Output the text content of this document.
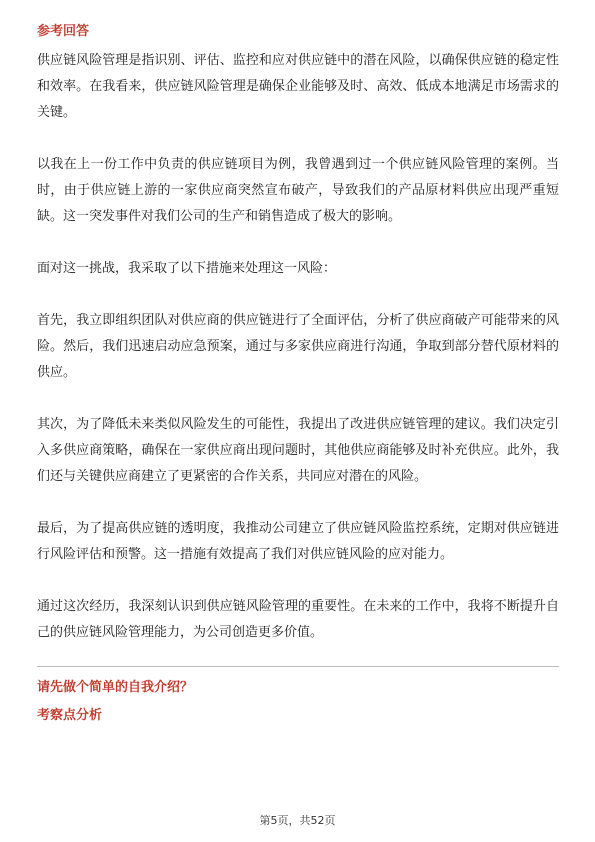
参考回答

供应链风险管理是指识别、评估、监控和应对供应链中的潜在风险，以确保供应链的稳定性和效率。在我看来，供应链风险管理是确保企业能够及时、高效、低成本地满足市场需求的关键。

以我在上一份工作中负责的供应链项目为例，我曾遇到过一个供应链风险管理的案例。当时，由于供应链上游的一家供应商突然宣布破产，导致我们的产品原材料供应出现严重短缺。这一突发事件对我们公司的生产和销售造成了极大的影响。

面对这一挑战，我采取了以下措施来处理这一风险：

首先，我立即组织团队对供应商的供应链进行了全面评估，分析了供应商破产可能带来的风险。然后，我们迅速启动应急预案，通过与多家供应商进行沟通，争取到部分替代原材料的供应。

其次，为了降低未来类似风险发生的可能性，我提出了改进供应链管理的建议。我们决定引入多供应商策略，确保在一家供应商出现问题时，其他供应商能够及时补充供应。此外，我们还与关键供应商建立了更紧密的合作关系，共同应对潜在的风险。

最后，为了提高供应链的透明度，我推动公司建立了供应链风险监控系统，定期对供应链进行风险评估和预警。这一措施有效提高了我们对供应链风险的应对能力。

通过这次经历，我深刻认识到供应链风险管理的重要性。在未来的工作中，我将不断提升自己的供应链风险管理能力，为公司创造更多价值。

请先做个简单的自我介绍？
考察点分析
第5页，共52页
